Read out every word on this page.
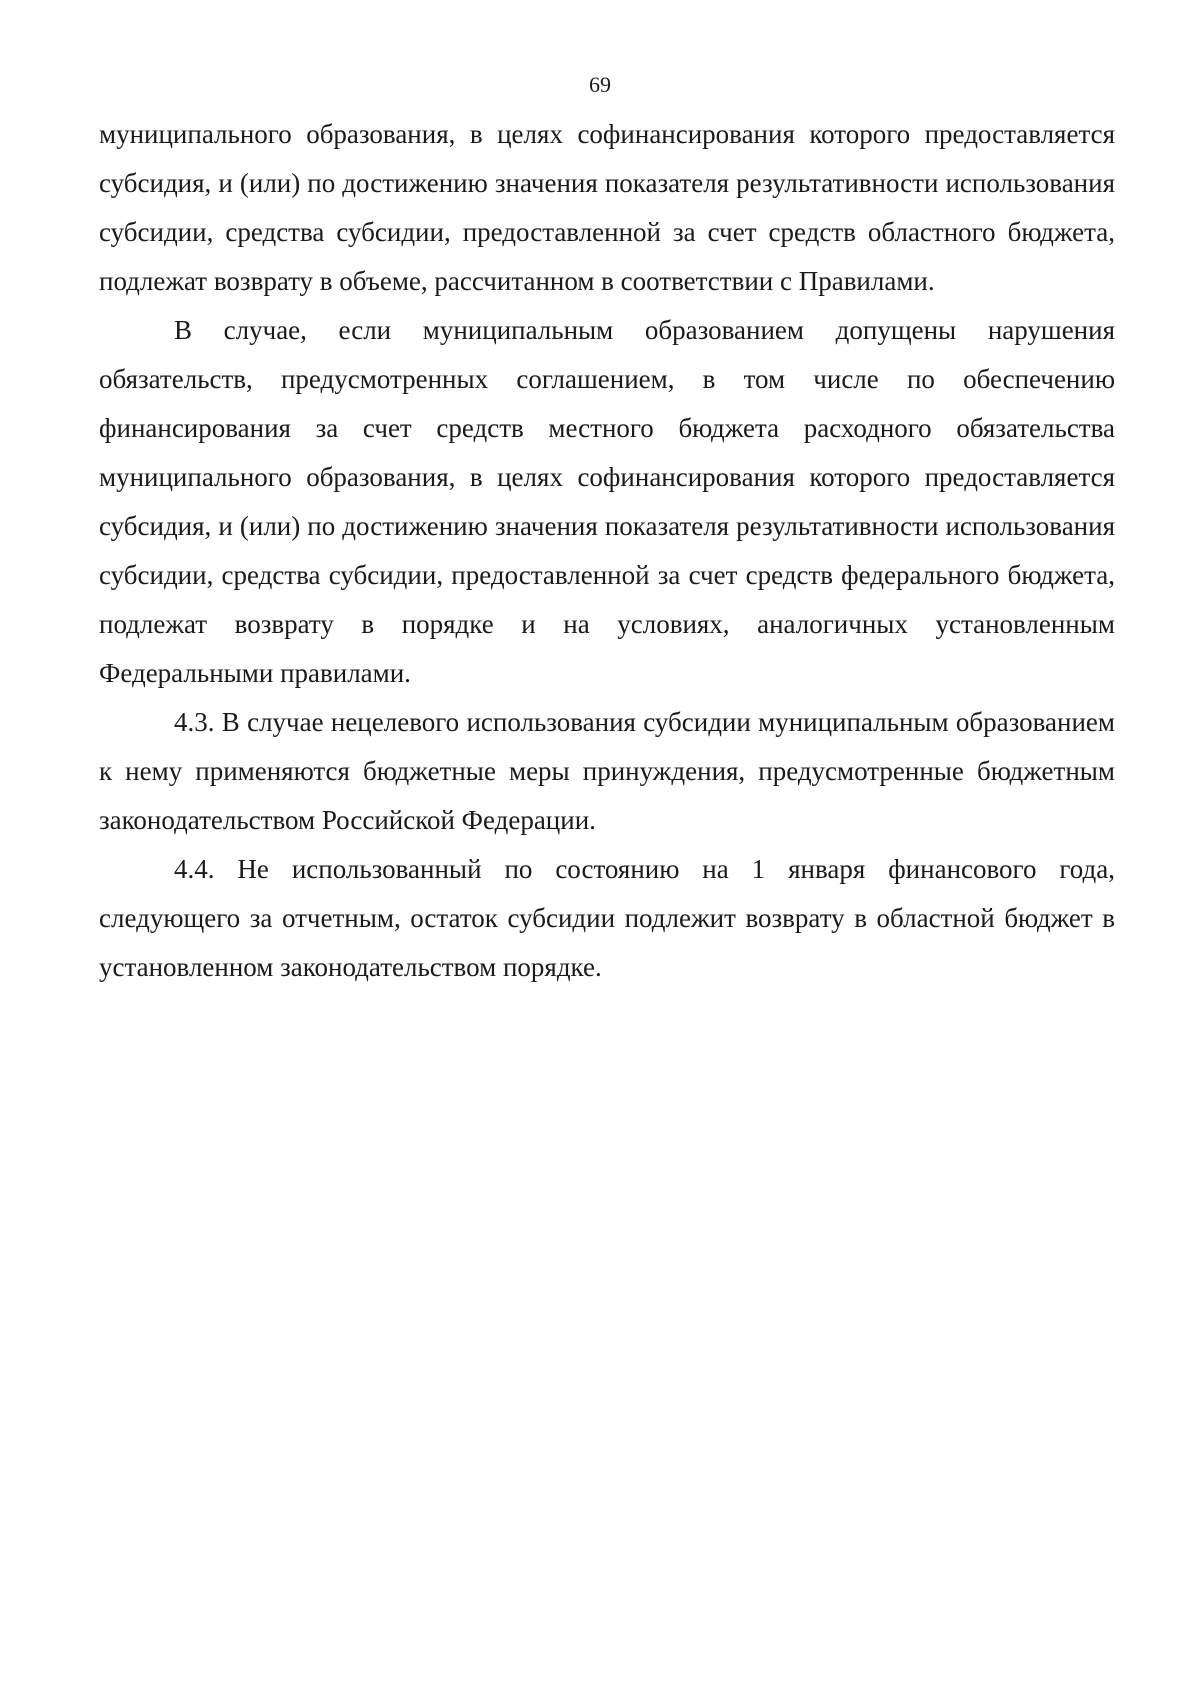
69

муниципального образования, в целях софинансирования которого предоставляется субсидия, и (или) по достижению значения показателя результативности использования субсидии, средства субсидии, предоставленной за счет средств областного бюджета, подлежат возврату в объеме, рассчитанном в соответствии с Правилами.

В случае, если муниципальным образованием допущены нарушения обязательств, предусмотренных соглашением, в том числе по обеспечению финансирования за счет средств местного бюджета расходного обязательства муниципального образования, в целях софинансирования которого предоставляется субсидия, и (или) по достижению значения показателя результативности использования субсидии, средства субсидии, предоставленной за счет средств федерального бюджета, подлежат возврату в порядке и на условиях, аналогичных установленным Федеральными правилами.

4.3. В случае нецелевого использования субсидии муниципальным образованием к нему применяются бюджетные меры принуждения, предусмотренные бюджетным законодательством Российской Федерации.

4.4. Не использованный по состоянию на 1 января финансового года, следующего за отчетным, остаток субсидии подлежит возврату в областной бюджет в установленном законодательством порядке.
